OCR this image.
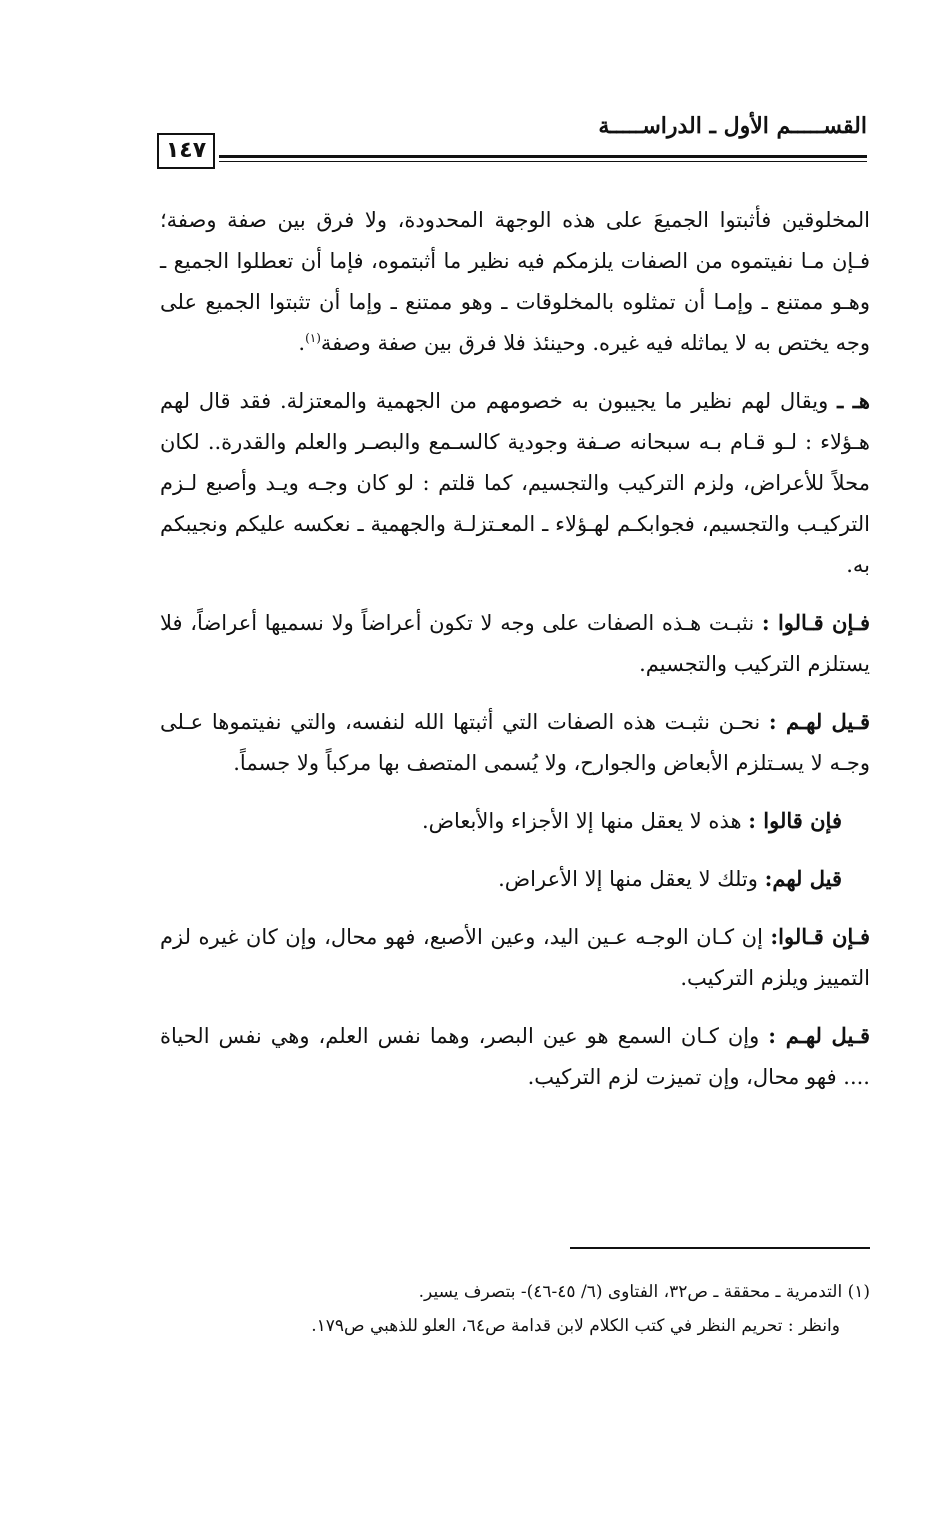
القســـــم الأول ـ الدراســـــة
١٤٧

المخلوقين فأثبتوا الجميعَ على هذه الوجهة المحدودة، ولا فرق بين صفة وصفة؛ فـإن مـا نفيتموه من الصفات يلزمكم فيه نظير ما أثبتموه، فإما أن تعطلوا الجميع ـ وهـو ممتنع ـ وإمـا أن تمثلوه بالمخلوقات ـ وهو ممتنع ـ وإما أن تثبتوا الجميع على وجه يختص به لا يماثله فيه غيره. وحينئذ فلا فرق بين صفة وصفة$^{(١)}$.

هـ ـ ويقال لهم نظير ما يجيبون به خصومهم من الجهمية والمعتزلة. فقد قال لهم هـؤلاء : لـو قـام بـه سبحانه صـفة وجودية كالسـمع والبصـر والعلم والقدرة.. لكان محلاً للأعراض، ولزم التركيب والتجسيم، كما قلتم : لو كان وجـه ويـد وأصبع لـزم التركيـب والتجسيم، فجوابكـم لهـؤلاء ـ المعـتزلـة والجهمية ـ نعكسه عليكم ونجيبكم به.

فـإن قـالوا : نثبـت هـذه الصفات على وجه لا تكون أعراضاً ولا نسميها أعراضاً، فلا يستلزم التركيب والتجسيم.

قـيل لهـم : نحـن نثبـت هذه الصفات التي أثبتها الله لنفسه، والتي نفيتموها عـلى وجـه لا يسـتلزم الأبعاض والجوارح، ولا يُسمى المتصف بها مركباً ولا جسماً.

فإن قالوا : هذه لا يعقل منها إلا الأجزاء والأبعاض.

قيل لهم: وتلك لا يعقل منها إلا الأعراض.

فـإن قـالوا: إن كـان الوجـه عـين اليد، وعين الأصبع، فهو محال، وإن كان غيره لزم التمييز ويلزم التركيب.

قـيل لهـم : وإن كـان السمع هو عين البصر، وهما نفس العلم، وهي نفس الحياة .... فهو محال، وإن تميزت لزم التركيب.

(١) التدمرية ـ محققة ـ ص٣٢، الفتاوى (٦/ ٤٥-٤٦)- بتصرف يسير.
وانظر : تحريم النظر في كتب الكلام لابن قدامة ص٦٤، العلو للذهبي ص١٧٩.
